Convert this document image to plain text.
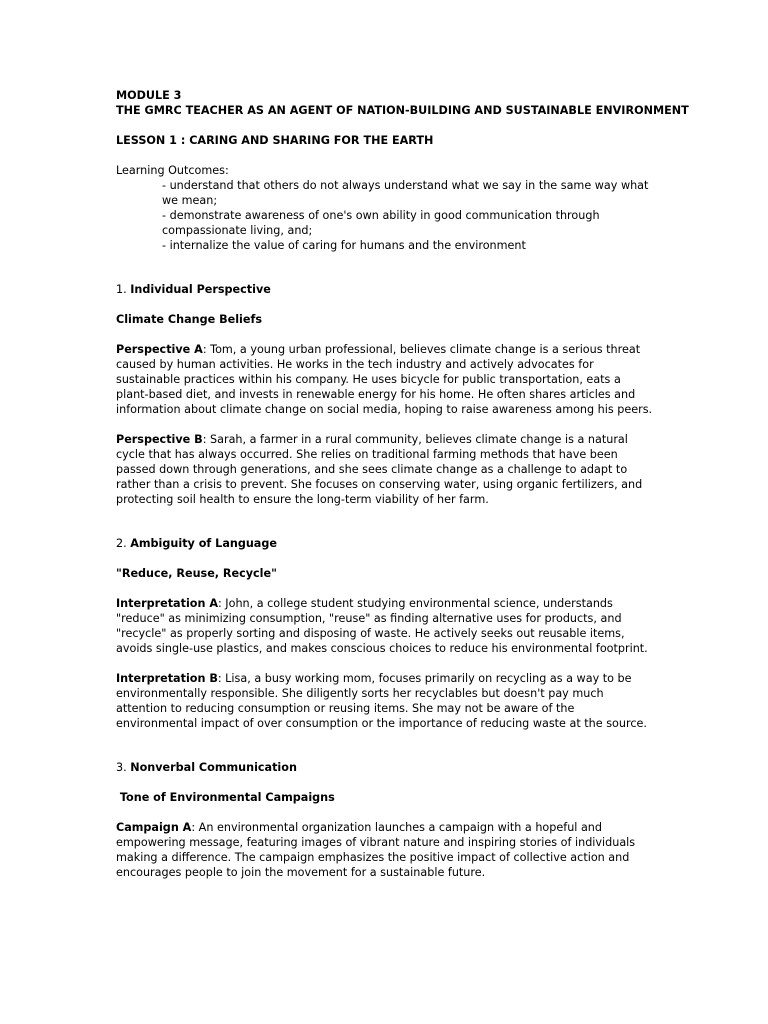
MODULE 3
THE GMRC TEACHER AS AN AGENT OF NATION-BUILDING AND SUSTAINABLE ENVIRONMENT
LESSON 1 : CARING AND SHARING FOR THE EARTH
Learning Outcomes:
- understand that others do not always understand what we say in the same way what we mean;
- demonstrate awareness of one's own ability in good communication through compassionate living, and;
- internalize the value of caring for humans and the environment
1. Individual Perspective
Climate Change Beliefs

Perspective A: Tom, a young urban professional, believes climate change is a serious threat caused by human activities. He works in the tech industry and actively advocates for sustainable practices within his company. He uses bicycle for public transportation, eats a plant-based diet, and invests in renewable energy for his home. He often shares articles and information about climate change on social media, hoping to raise awareness among his peers.

Perspective B: Sarah, a farmer in a rural community, believes climate change is a natural cycle that has always occurred. She relies on traditional farming methods that have been passed down through generations, and she sees climate change as a challenge to adapt to rather than a crisis to prevent. She focuses on conserving water, using organic fertilizers, and protecting soil health to ensure the long-term viability of her farm.

2. Ambiguity of Language
"Reduce, Reuse, Recycle"

Interpretation A: John, a college student studying environmental science, understands "reduce" as minimizing consumption, "reuse" as finding alternative uses for products, and "recycle" as properly sorting and disposing of waste. He actively seeks out reusable items, avoids single-use plastics, and makes conscious choices to reduce his environmental footprint.

Interpretation B: Lisa, a busy working mom, focuses primarily on recycling as a way to be environmentally responsible. She diligently sorts her recyclables but doesn't pay much attention to reducing consumption or reusing items. She may not be aware of the environmental impact of over consumption or the importance of reducing waste at the source.

3. Nonverbal Communication
Tone of Environmental Campaigns

Campaign A: An environmental organization launches a campaign with a hopeful and empowering message, featuring images of vibrant nature and inspiring stories of individuals making a difference. The campaign emphasizes the positive impact of collective action and encourages people to join the movement for a sustainable future.
